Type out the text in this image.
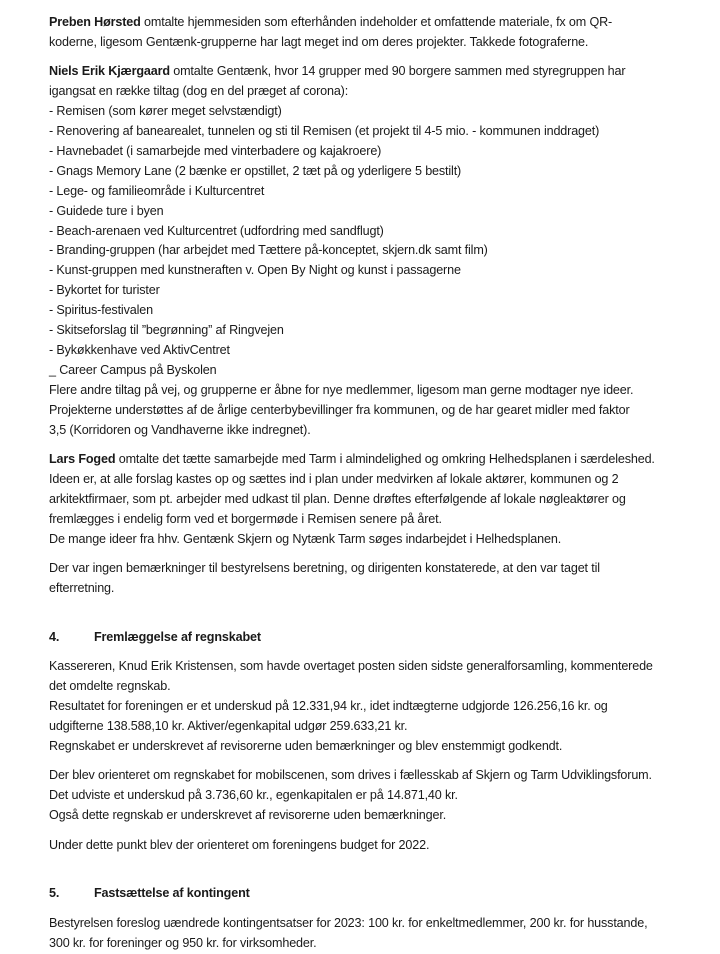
Preben Hørsted omtalte hjemmesiden som efterhånden indeholder et omfattende materiale, fx om QR-
koderne, ligesom Gentænk-grupperne har lagt meget ind om deres projekter. Takkede fotograferne.

Niels Erik Kjærgaard omtalte Gentænk, hvor 14 grupper med 90 borgere sammen med styregruppen har
igangsat en række tiltag (dog en del præget af corona):
- Remisen (som kører meget selvstændigt)
- Renovering af banearealet, tunnelen og sti til Remisen (et projekt til 4-5 mio. - kommunen inddraget)
- Havnebadet (i samarbejde med vinterbadere og kajakroere)
- Gnags Memory Lane (2 bænke er opstillet, 2 tæt på og yderligere 5 bestilt)
- Lege- og familieområde i Kulturcentret
- Guidede ture i byen
- Beach-arenaen ved Kulturcentret (udfordring med sandflugt)
- Branding-gruppen (har arbejdet med Tættere på-konceptet, skjern.dk samt film)
- Kunst-gruppen med kunstneraften v. Open By Night og kunst i passagerne
- Bykortet for turister
- Spiritus-festivalen
- Skitseforslag til ”begrønning” af Ringvejen
- Bykøkkenhave ved AktivCentret
_ Career Campus på Byskolen
Flere andre tiltag på vej, og grupperne er åbne for nye medlemmer, ligesom man gerne modtager nye ideer.
Projekterne understøttes af de årlige centerbybevillinger fra kommunen, og de har gearet midler med faktor
3,5 (Korridoren og Vandhaverne ikke indregnet).

Lars Foged omtalte det tætte samarbejde med Tarm i almindelighed og omkring Helhedsplanen i særdeleshed.
Ideen er, at alle forslag kastes op og sættes ind i plan under medvirken af lokale aktører, kommunen og 2
arkitektfirmaer, som pt. arbejder med udkast til plan. Denne drøftes efterfølgende af lokale nøgleaktører og
fremlægges i endelig form ved et borgermøde i Remisen senere på året.
De mange ideer fra hhv. Gentænk Skjern og Nytænk Tarm søges indarbejdet i Helhedsplanen.

Der var ingen bemærkninger til bestyrelsens beretning, og dirigenten konstaterede, at den var taget til
efterretning.

4.	Fremlæggelse af regnskabet

Kassereren, Knud Erik Kristensen, som havde overtaget posten siden sidste generalforsamling, kommenterede
det omdelte regnskab.
Resultatet for foreningen er et underskud på 12.331,94 kr., idet indtægterne udgjorde 126.256,16 kr. og
udgifterne 138.588,10 kr. Aktiver/egenkapital udgør 259.633,21 kr.
Regnskabet er underskrevet af revisorerne uden bemærkninger og blev enstemmigt godkendt.

Der blev orienteret om regnskabet for mobilscenen, som drives i fællesskab af Skjern og Tarm Udviklingsforum.
Det udviste et underskud på 3.736,60 kr., egenkapitalen er på 14.871,40 kr.
Også dette regnskab er underskrevet af revisorerne uden bemærkninger.

Under dette punkt blev der orienteret om foreningens budget for 2022.

5.	Fastsættelse af kontingent

Bestyrelsen foreslog uændrede kontingentsatser for 2023: 100 kr. for enkeltmedlemmer, 200 kr. for husstande,
300 kr. for foreninger og 950 kr. for virksomheder.
